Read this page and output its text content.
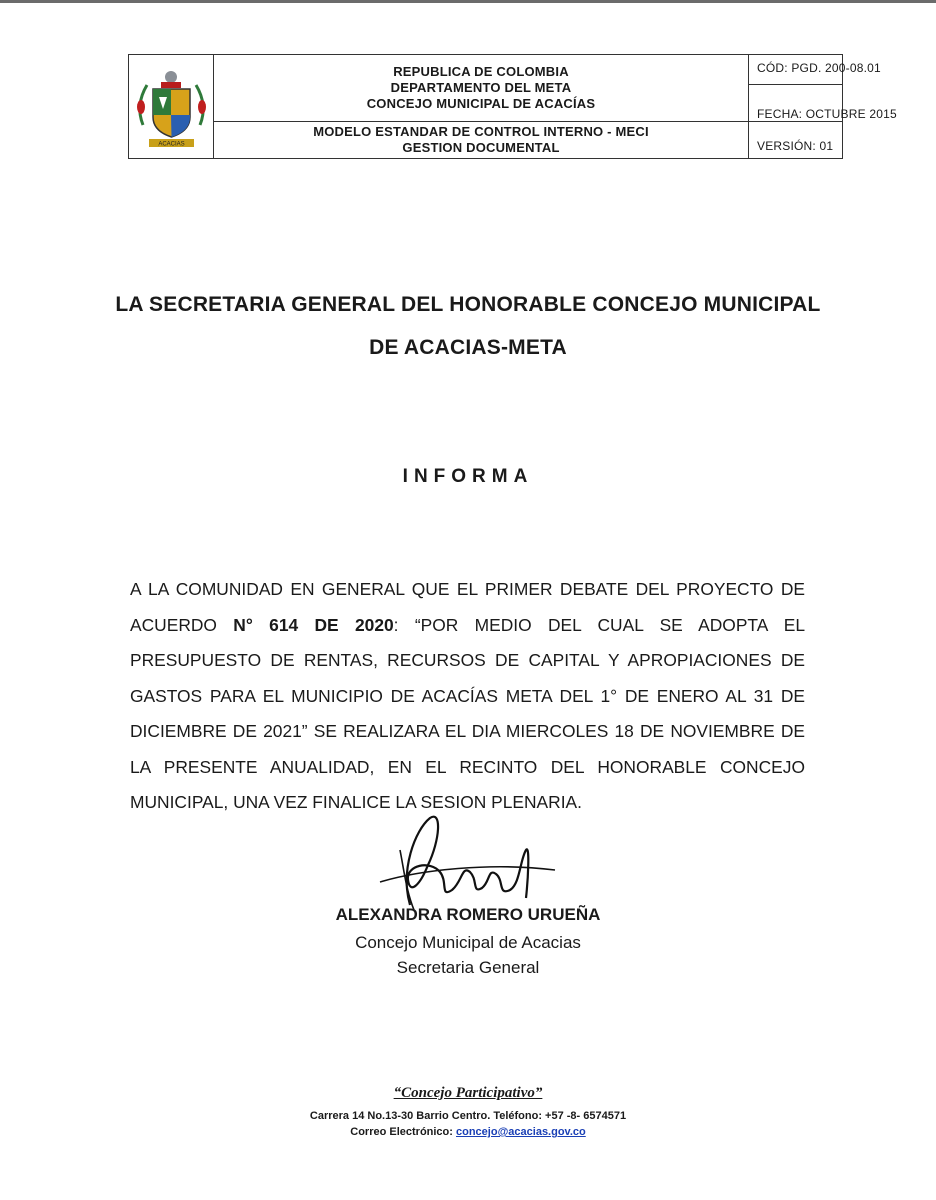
ACACIAS
REPUBLICA DE COLOMBIA
DEPARTAMENTO DEL META
CONCEJO MUNICIPAL DE ACACÍAS
MODELO ESTANDAR DE CONTROL INTERNO - MECI
GESTION DOCUMENTAL
CÓD: PGD. 200-08.01
FECHA: OCTUBRE 2015
VERSIÓN: 01
LA SECRETARIA GENERAL DEL HONORABLE CONCEJO MUNICIPAL
DE ACACIAS-META
INFORMA
A LA COMUNIDAD EN GENERAL QUE EL PRIMER DEBATE DEL PROYECTO DE ACUERDO N° 614 DE 2020: “POR MEDIO DEL CUAL SE ADOPTA EL PRESUPUESTO DE RENTAS, RECURSOS DE CAPITAL Y APROPIACIONES DE GASTOS PARA EL MUNICIPIO DE ACACÍAS META DEL 1° DE ENERO AL 31 DE DICIEMBRE DE 2021” SE REALIZARA EL DIA MIERCOLES 18 DE NOVIEMBRE DE LA PRESENTE ANUALIDAD, EN EL RECINTO DEL HONORABLE CONCEJO MUNICIPAL, UNA VEZ FINALICE LA SESION PLENARIA.
ALEXANDRA ROMERO URUEÑA
Concejo Municipal de Acacias
Secretaria General
“Concejo Participativo”
Carrera 14 No.13-30 Barrio Centro. Teléfono: +57 -8- 6574571
Correo Electrónico: concejo@acacias.gov.co
